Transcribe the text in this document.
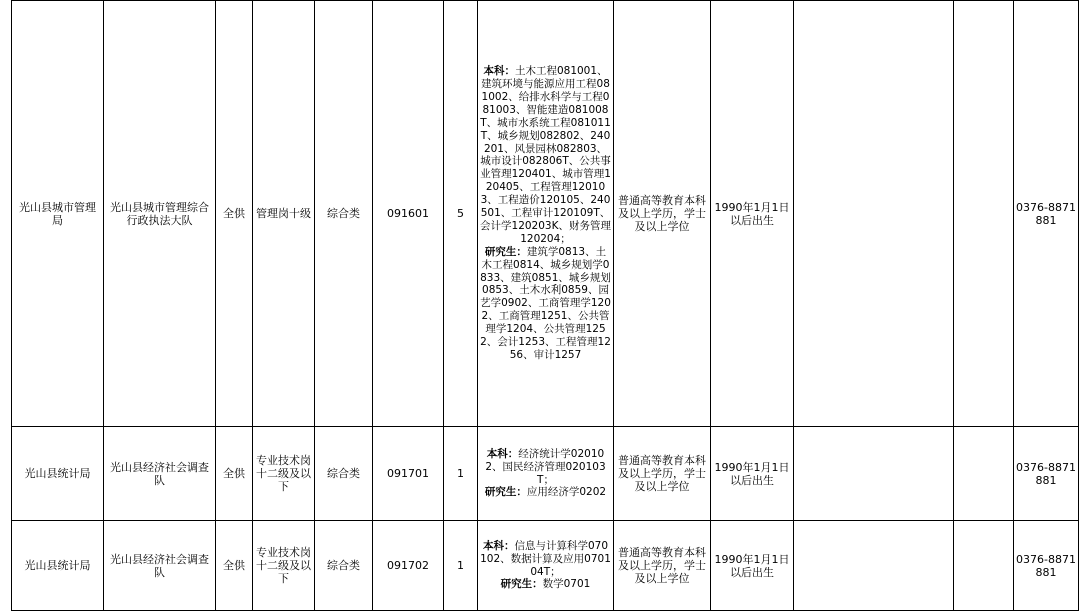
光山县城市管理局	光山县城市管理综合行政执法大队	全供	管理岗十级	综合类	091601	5	本科：土木工程081001、建筑环境与能源应用工程081002、给排水科学与工程081003、智能建造081008T、城市水系统工程081011T、城乡规划082802、240201、风景园林082803、城市设计082806T、公共事业管理120401、城市管理120405、工程管理120103、工程造价120105、240501、工程审计120109T、会计学120203K、财务管理120204；
研究生：建筑学0813、土木工程0814、城乡规划学0833、建筑0851、城乡规划0853、土木水利0859、园艺学0902、工商管理学1202、工商管理1251、公共管理学1204、公共管理1252、会计1253、工程管理1256、审计1257	普通高等教育本科及以上学历，学士及以上学位	1990年1月1日以后出生			0376-8871881
光山县统计局	光山县经济社会调查队	全供	专业技术岗十二级及以下	综合类	091701	1	本科：经济统计学020102、国民经济管理020103T；
研究生：应用经济学0202	普通高等教育本科及以上学历，学士及以上学位	1990年1月1日以后出生			0376-8871881
光山县统计局	光山县经济社会调查队	全供	专业技术岗十二级及以下	综合类	091702	1	本科：信息与计算科学070102、数据计算及应用070104T；
研究生：数学0701	普通高等教育本科及以上学历，学士及以上学位	1990年1月1日以后出生			0376-8871881
